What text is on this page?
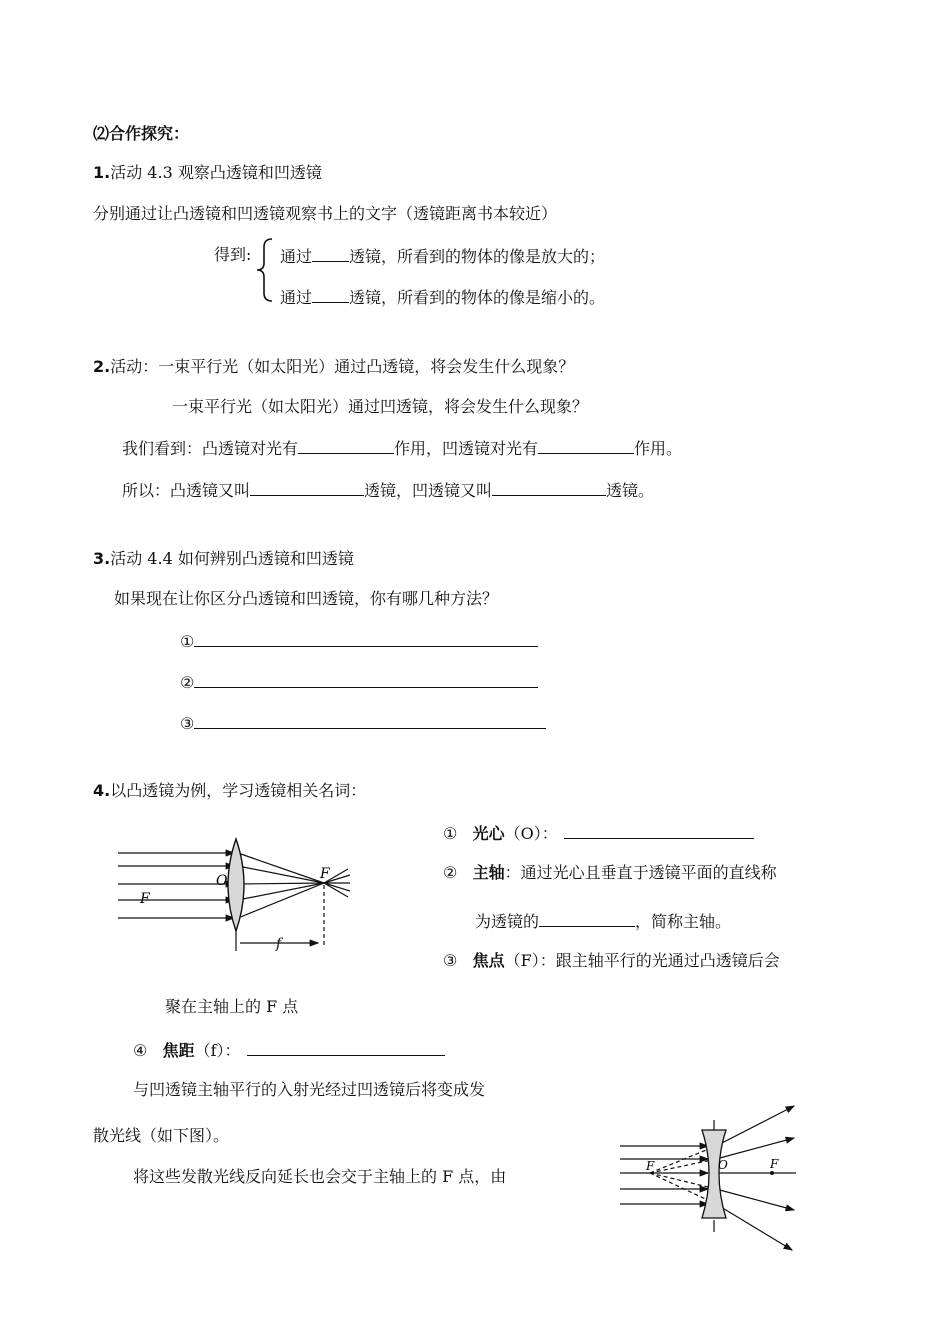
⑵合作探究：
1.活动 4.3 观察凸透镜和凹透镜
分别通过让凸透镜和凹透镜观察书上的文字（透镜距离书本较近）
得到: 通过 透镜，所看到的物体的像是放大的；
通过 透镜，所看到的物体的像是缩小的。
2.活动：一束平行光（如太阳光）通过凸透镜，将会发生什么现象？
一束平行光（如太阳光）通过凹透镜，将会发生什么现象？
我们看到：凸透镜对光有	作用，凹透镜对光有	作用。
所以：凸透镜又叫	透镜，凹透镜又叫	透镜。
3.活动 4.4 如何辨别凸透镜和凹透镜
如果现在让你区分凸透镜和凹透镜，你有哪几种方法？
①
②
③
4.以凸透镜为例，学习透镜相关名词：
O
F
F
f
① 光心（O）：
② 主轴：通过光心且垂直于透镜平面的直线称
为透镜的	，简称主轴。
③ 焦点（F）：跟主轴平行的光通过凸透镜后会
聚在主轴上的 F 点
④ 焦距（f）：
与凹透镜主轴平行的入射光经过凹透镜后将变成发
散光线（如下图）。
将这些发散光线反向延长也会交于主轴上的 F 点，由
F	O	F
